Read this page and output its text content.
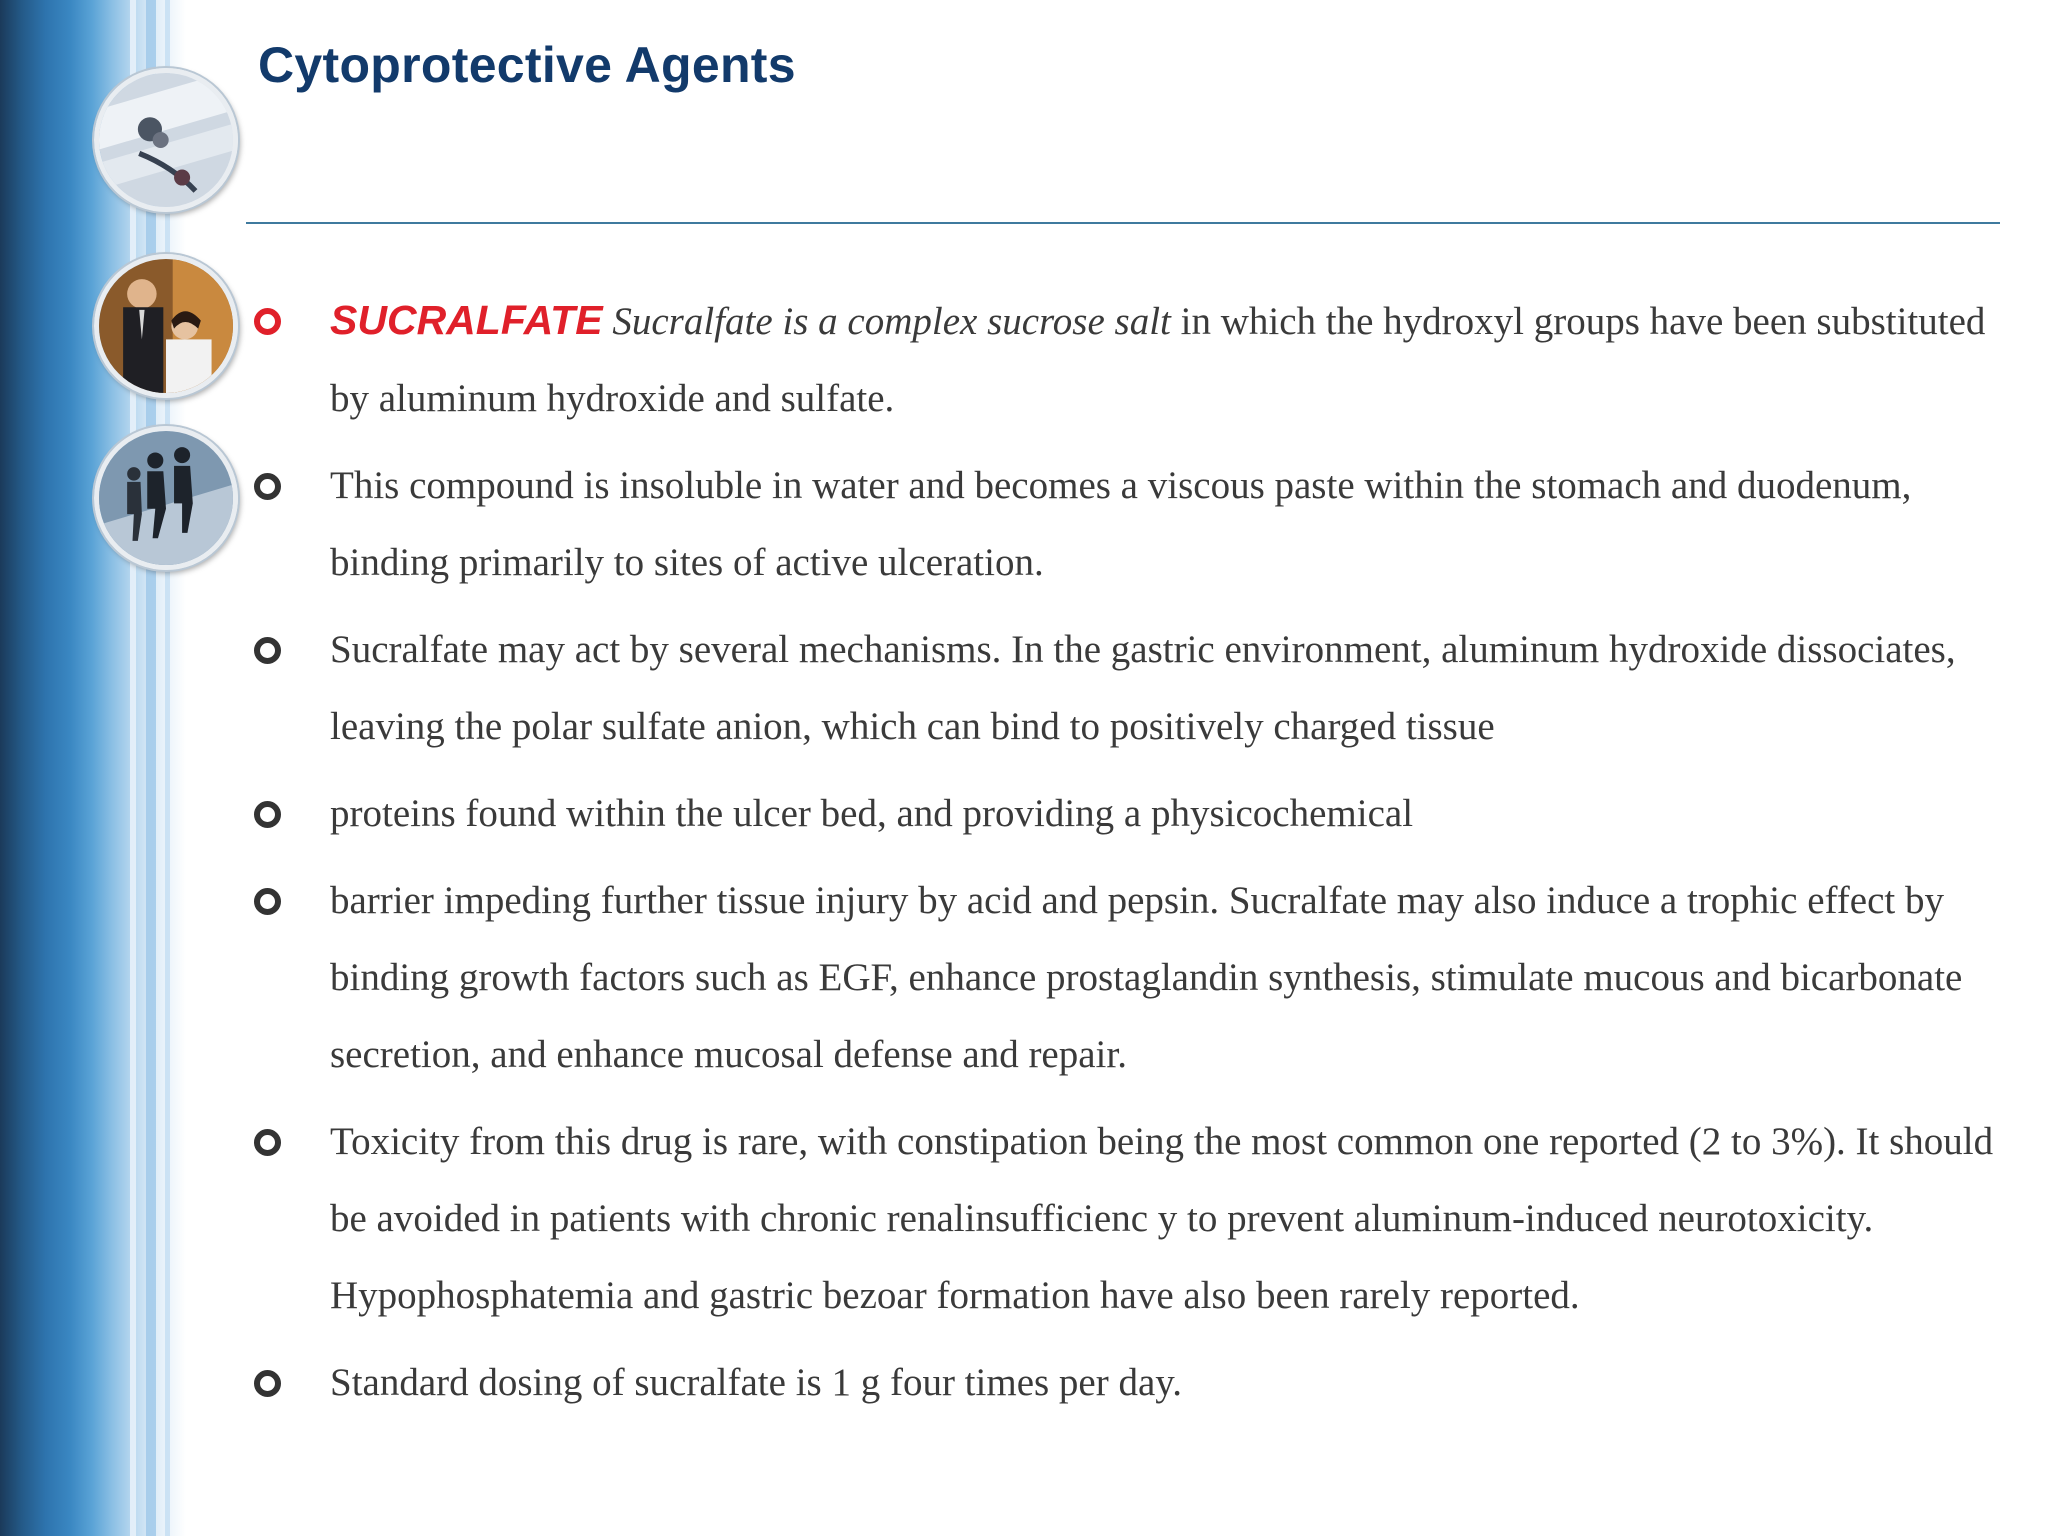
Cytoprotective Agents
SUCRALFATE Sucralfate is a complex sucrose salt in which the hydroxyl groups have been substituted by aluminum hydroxide and sulfate.
This compound is insoluble in water and becomes a viscous paste within the stomach and duodenum, binding primarily to sites of active ulceration.
Sucralfate may act by several mechanisms. In the gastric environment, aluminum hydroxide dissociates, leaving the polar sulfate anion, which can bind to positively charged tissue
proteins found within the ulcer bed, and providing a physicochemical
barrier impeding further tissue injury by acid and pepsin. Sucralfate may also induce a trophic effect by binding growth factors such as EGF, enhance prostaglandin synthesis, stimulate mucous and bicarbonate secretion, and enhance mucosal defense and repair.
Toxicity from this drug is rare, with constipation being the most common one reported (2 to 3%). It should be avoided in patients with chronic renalinsufficienc y to prevent aluminum-induced neurotoxicity. Hypophosphatemia and gastric bezoar formation have also been rarely reported.
Standard dosing of sucralfate is 1 g four times per day.
